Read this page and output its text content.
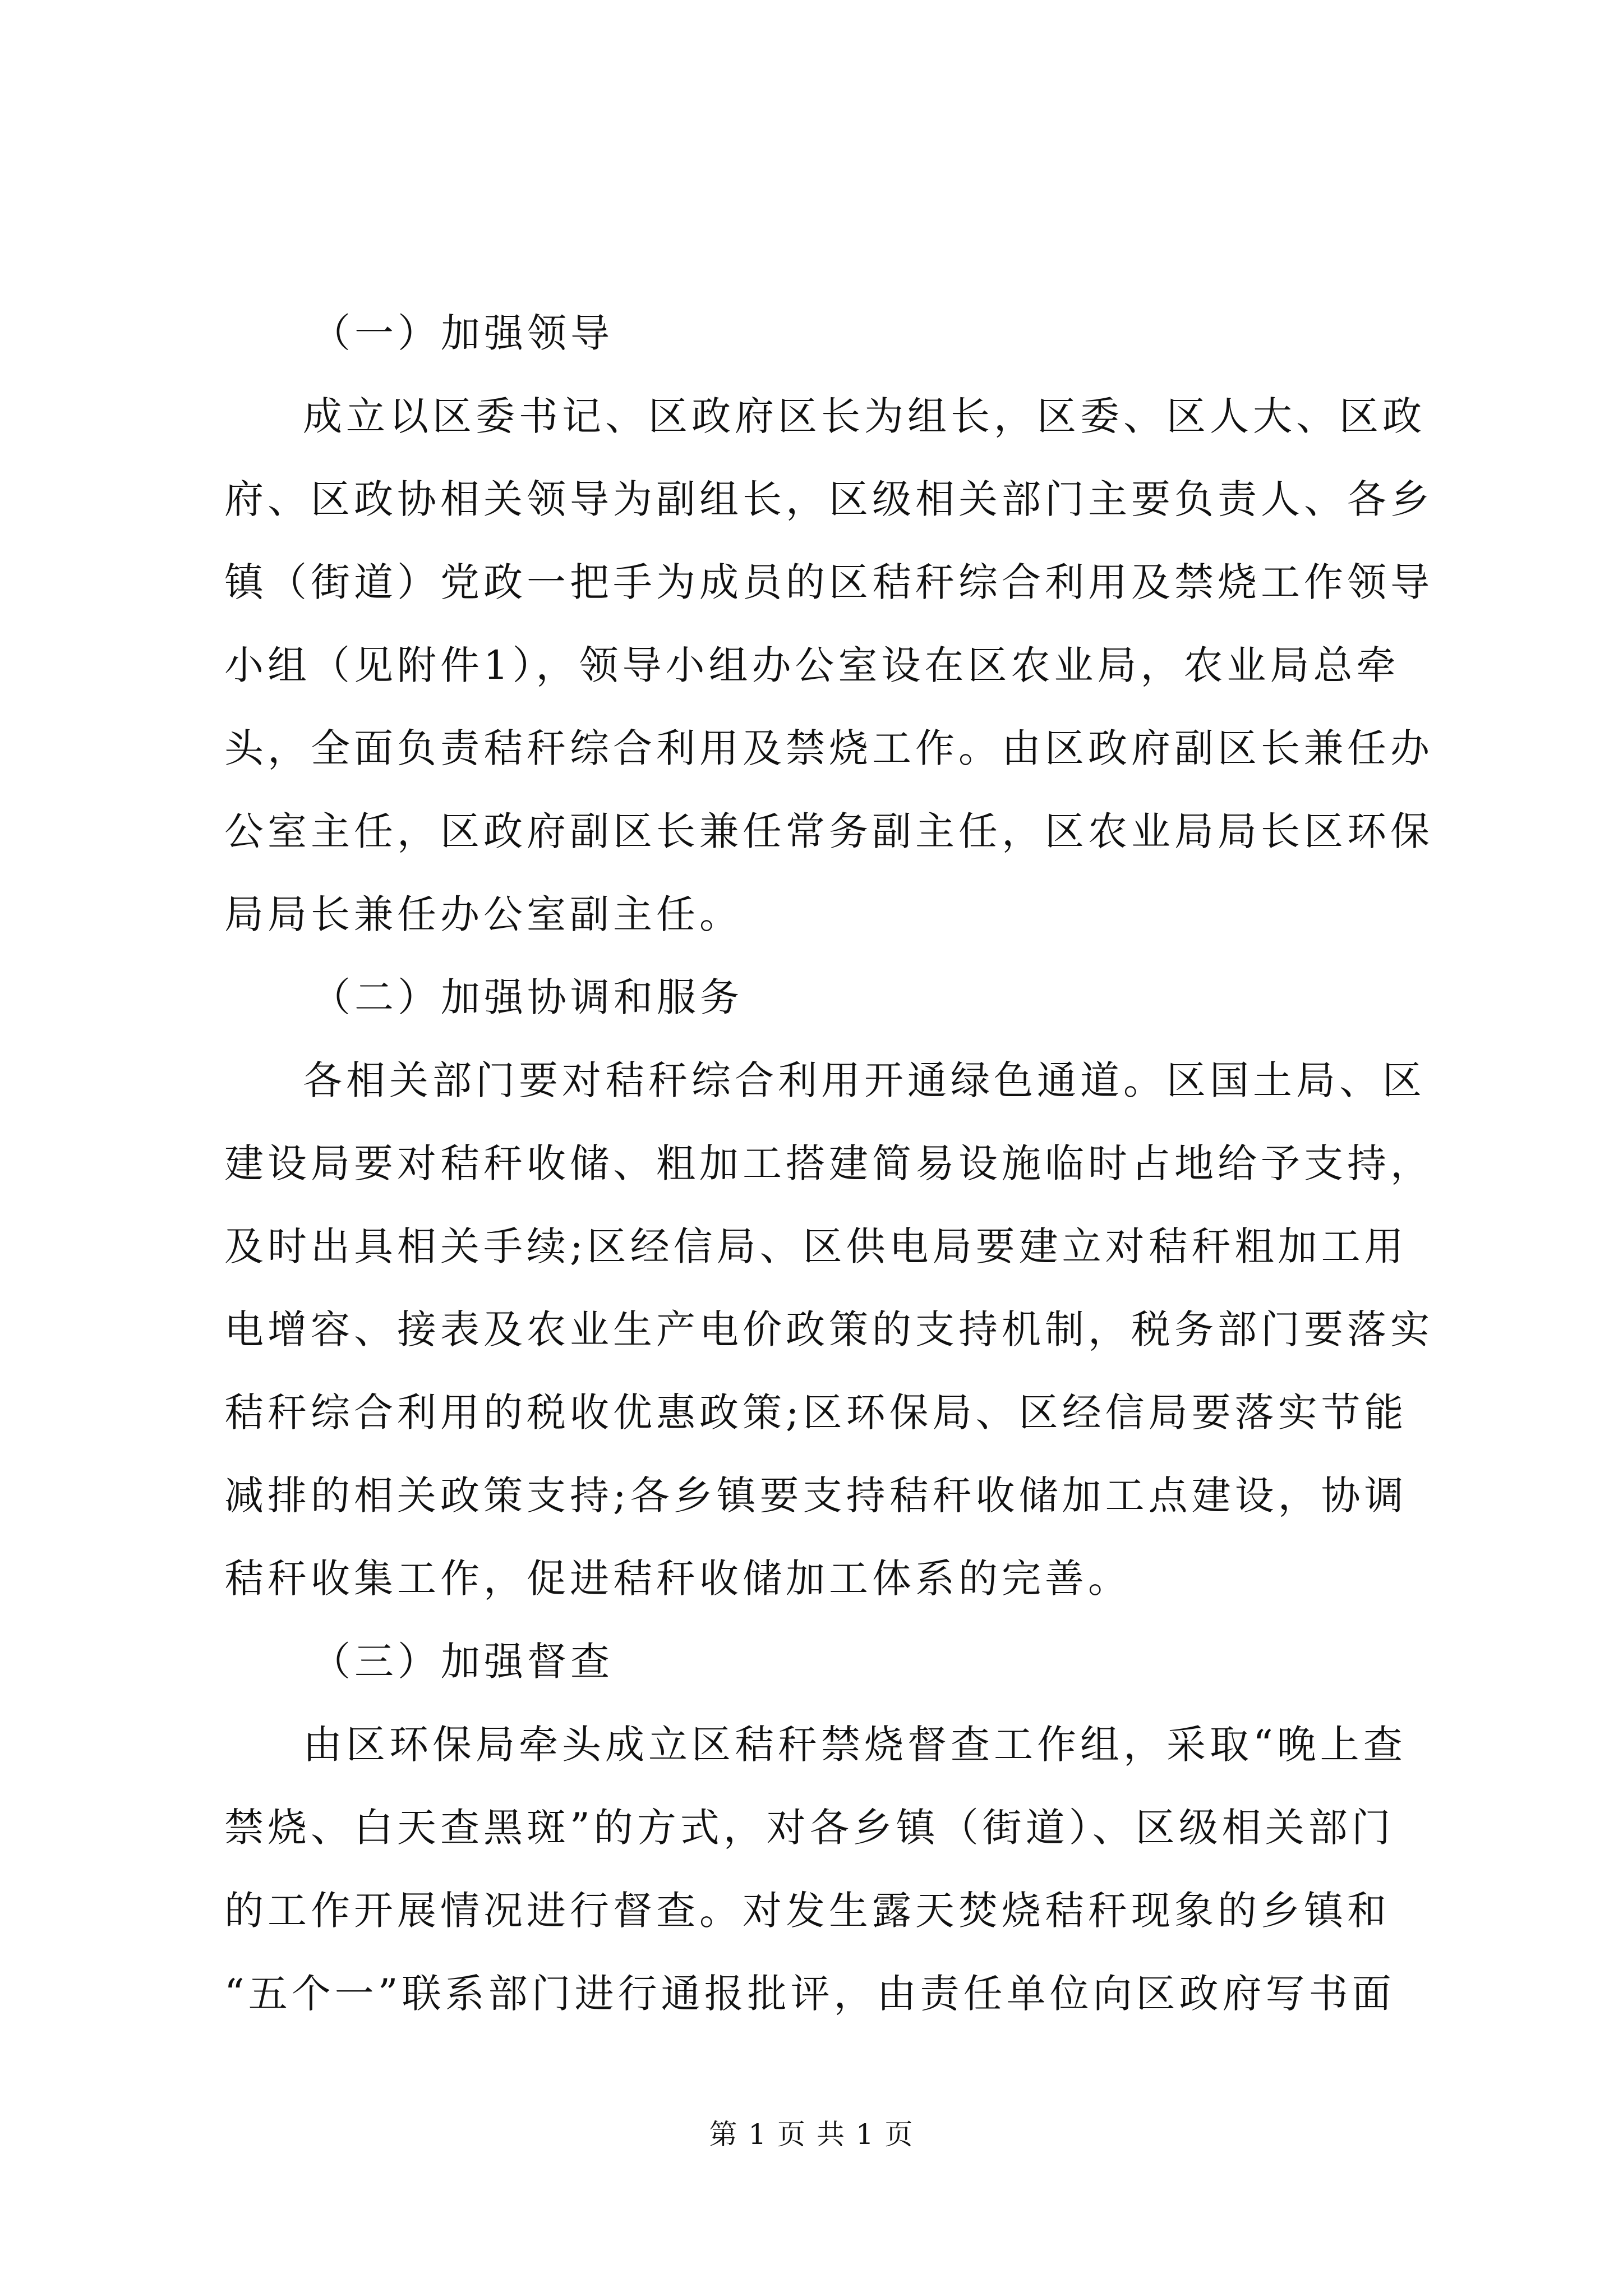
（一）加强领导
成立以区委书记、区政府区长为组长，区委、区人大、区政
府、区政协相关领导为副组长，区级相关部门主要负责人、各乡
镇（街道）党政一把手为成员的区秸秆综合利用及禁烧工作领导
小组（见附件1），领导小组办公室设在区农业局，农业局总牵
头，全面负责秸秆综合利用及禁烧工作。由区政府副区长兼任办
公室主任，区政府副区长兼任常务副主任，区农业局局长区环保
局局长兼任办公室副主任。
（二）加强协调和服务
各相关部门要对秸秆综合利用开通绿色通道。区国土局、区
建设局要对秸秆收储、粗加工搭建简易设施临时占地给予支持，
及时出具相关手续;区经信局、区供电局要建立对秸秆粗加工用
电增容、接表及农业生产电价政策的支持机制，税务部门要落实
秸秆综合利用的税收优惠政策;区环保局、区经信局要落实节能
减排的相关政策支持;各乡镇要支持秸秆收储加工点建设，协调
秸秆收集工作，促进秸秆收储加工体系的完善。
（三）加强督查
由区环保局牵头成立区秸秆禁烧督查工作组，采取“晚上查
禁烧、白天查黑斑”的方式，对各乡镇（街道）、区级相关部门
的工作开展情况进行督查。对发生露天焚烧秸秆现象的乡镇和
“五个一”联系部门进行通报批评，由责任单位向区政府写书面
第 1 页 共 1 页
